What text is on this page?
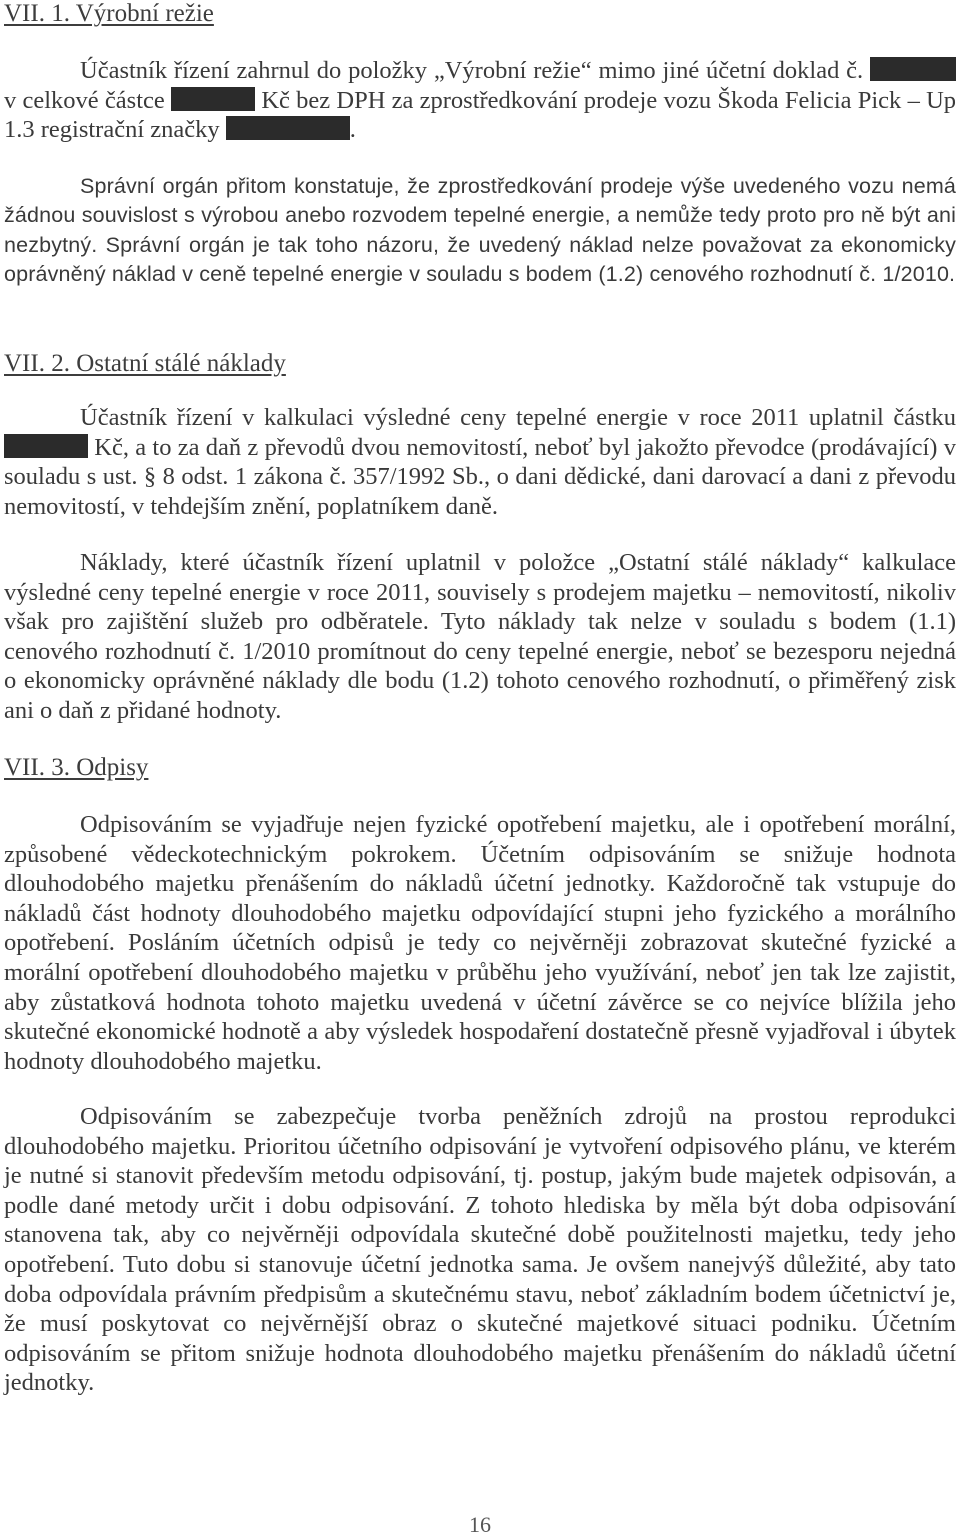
VII. 1. Výrobní režie

Účastník řízení zahrnul do položky „Výrobní režie“ mimo jiné účetní doklad č.  v celkové částce	Kč bez DPH za zprostředkování prodeje vozu Škoda Felicia Pick – Up 1.3 registrační značky	.

Správní orgán přitom konstatuje, že zprostředkování prodeje výše uvedeného vozu nemá žádnou souvislost s výrobou anebo rozvodem tepelné energie, a nemůže tedy proto pro ně být ani nezbytný. Správní orgán je tak toho názoru, že uvedený náklad nelze považovat za ekonomicky oprávněný náklad v ceně tepelné energie v souladu s bodem (1.2) cenového rozhodnutí č. 1/2010.

VII. 2. Ostatní stálé náklady

Účastník řízení v kalkulaci výsledné ceny tepelné energie v roce 2011 uplatnil částku  Kč, a to za daň z převodů dvou nemovitostí, neboť byl jakožto převodce (prodávající) v souladu s ust. § 8 odst. 1 zákona č. 357/1992 Sb., o dani dědické, dani darovací a dani z převodu nemovitostí, v tehdejším znění, poplatníkem daně.

Náklady, které účastník řízení uplatnil v položce „Ostatní stálé náklady“ kalkulace výsledné ceny tepelné energie v roce 2011, souvisely s prodejem majetku – nemovitostí, nikoliv však pro zajištění služeb pro odběratele. Tyto náklady tak nelze v souladu s bodem (1.1) cenového rozhodnutí č. 1/2010 promítnout do ceny tepelné energie, neboť se bezesporu nejedná o ekonomicky oprávněné náklady dle bodu (1.2) tohoto cenového rozhodnutí, o přiměřený zisk ani o daň z přidané hodnoty.

VII. 3. Odpisy

Odpisováním se vyjadřuje nejen fyzické opotřebení majetku, ale i opotřebení morální, způsobené vědeckotechnickým pokrokem. Účetním odpisováním se snižuje hodnota dlouhodobého majetku přenášením do nákladů účetní jednotky. Každoročně tak vstupuje do nákladů část hodnoty dlouhodobého majetku odpovídající stupni jeho fyzického a morálního opotřebení. Posláním účetních odpisů je tedy co nejvěrněji zobrazovat skutečné fyzické a morální opotřebení dlouhodobého majetku v průběhu jeho využívání, neboť jen tak lze zajistit, aby zůstatková hodnota tohoto majetku uvedená v účetní závěrce se co nejvíce blížila jeho skutečné ekonomické hodnotě a aby výsledek hospodaření dostatečně přesně vyjadřoval i úbytek hodnoty dlouhodobého majetku.

Odpisováním se zabezpečuje tvorba peněžních zdrojů na prostou reprodukci dlouhodobého majetku. Prioritou účetního odpisování je vytvoření odpisového plánu, ve kterém je nutné si stanovit především metodu odpisování, tj. postup, jakým bude majetek odpisován, a podle dané metody určit i dobu odpisování. Z tohoto hlediska by měla být doba odpisování stanovena tak, aby co nejvěrněji odpovídala skutečné době použitelnosti majetku, tedy jeho opotřebení. Tuto dobu si stanovuje účetní jednotka sama. Je ovšem nanejvýš důležité, aby tato doba odpovídala právním předpisům a skutečnému stavu, neboť základním bodem účetnictví je, že musí poskytovat co nejvěrnější obraz o skutečné majetkové situaci podniku. Účetním odpisováním se přitom snižuje hodnota dlouhodobého majetku přenášením do nákladů účetní jednotky.

16
